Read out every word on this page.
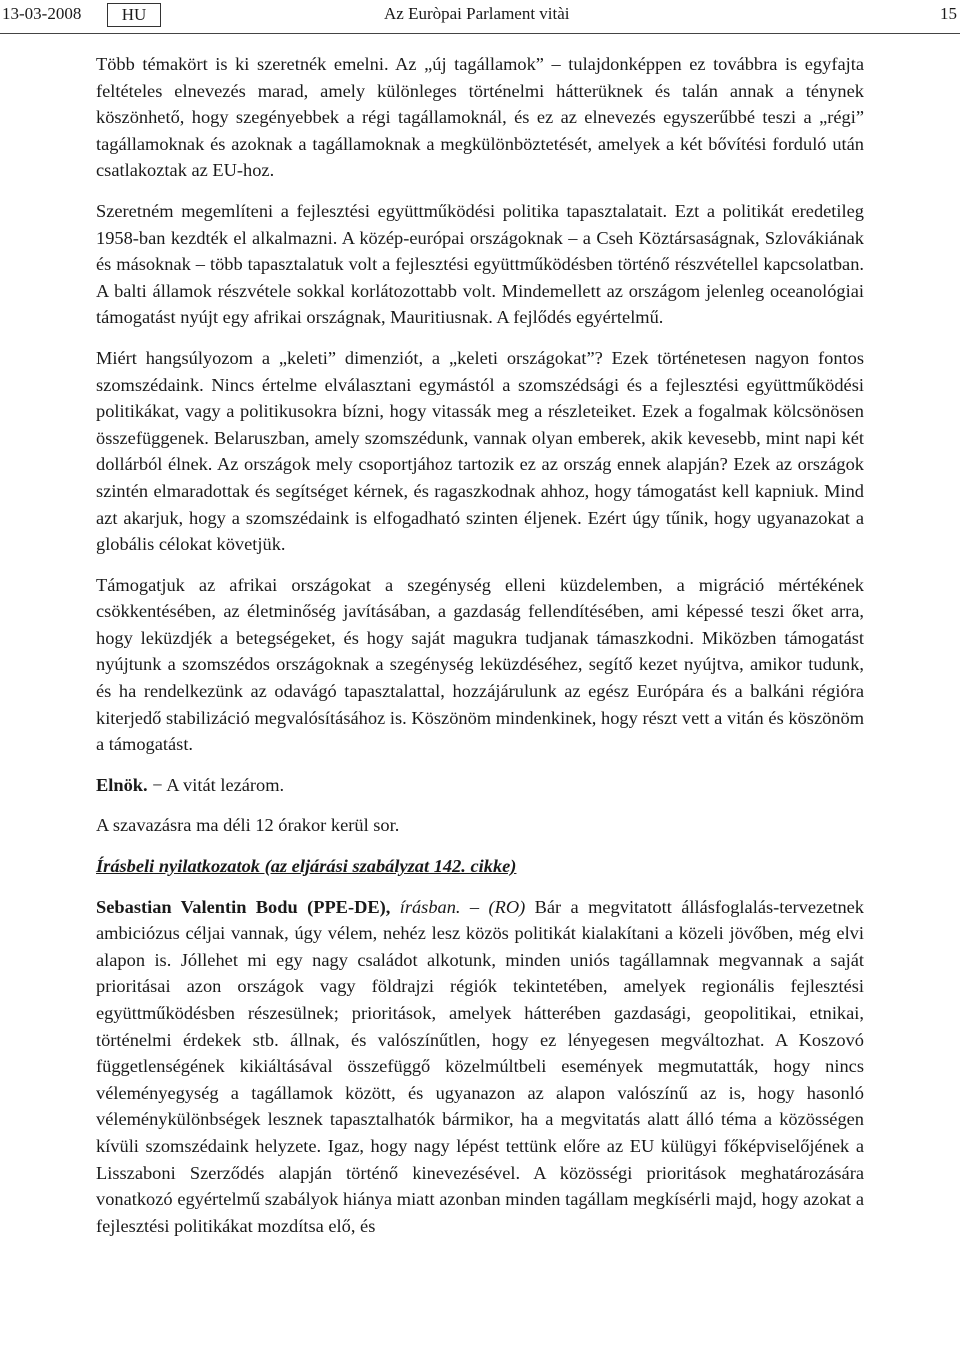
13-03-2008	HU	Az Euròpai Parlament vitài	15

Több témakört is ki szeretnék emelni. Az „új tagállamok” – tulajdonképpen ez továbbra is egyfajta feltételes elnevezés marad, amely különleges történelmi hátterüknek és talán annak a ténynek köszönhető, hogy szegényebbek a régi tagállamoknál, és ez az elnevezés egyszerűbbé teszi a „régi” tagállamoknak és azoknak a tagállamoknak a megkülönböztetését, amelyek a két bővítési forduló után csatlakoztak az EU-hoz.

Szeretném megemlíteni a fejlesztési együttműködési politika tapasztalatait. Ezt a politikát eredetileg 1958-ban kezdték el alkalmazni. A közép-európai országoknak – a Cseh Köztársaságnak, Szlovákiának és másoknak – több tapasztalatuk volt a fejlesztési együttműködésben történő részvétellel kapcsolatban. A balti államok részvétele sokkal korlátozottabb volt. Mindemellett az országom jelenleg oceanológiai támogatást nyújt egy afrikai országnak, Mauritiusnak. A fejlődés egyértelmű.

Miért hangsúlyozom a „keleti” dimenziót, a „keleti országokat”? Ezek történetesen nagyon fontos szomszédaink. Nincs értelme elválasztani egymástól a szomszédsági és a fejlesztési együttműködési politikákat, vagy a politikusokra bízni, hogy vitassák meg a részleteiket. Ezek a fogalmak kölcsönösen összefüggenek. Belaruszban, amely szomszédunk, vannak olyan emberek, akik kevesebb, mint napi két dollárból élnek. Az országok mely csoportjához tartozik ez az ország ennek alapján? Ezek az országok szintén elmaradottak és segítséget kérnek, és ragaszkodnak ahhoz, hogy támogatást kell kapniuk. Mind azt akarjuk, hogy a szomszédaink is elfogadható szinten éljenek. Ezért úgy tűnik, hogy ugyanazokat a globális célokat követjük.

Támogatjuk az afrikai országokat a szegénység elleni küzdelemben, a migráció mértékének csökkentésében, az életminőség javításában, a gazdaság fellendítésében, ami képessé teszi őket arra, hogy leküzdjék a betegségeket, és hogy saját magukra tudjanak támaszkodni. Miközben támogatást nyújtunk a szomszédos országoknak a szegénység leküzdéséhez, segítő kezet nyújtva, amikor tudunk, és ha rendelkezünk az odavágó tapasztalattal, hozzájárulunk az egész Európára és a balkáni régióra kiterjedő stabilizáció megvalósításához is. Köszönöm mindenkinek, hogy részt vett a vitán és köszönöm a támogatást.

Elnök. − A vitát lezárom.

A szavazásra ma déli 12 órakor kerül sor.

Írásbeli nyilatkozatok (az eljárási szabályzat 142. cikke)

Sebastian Valentin Bodu (PPE-DE), írásban. – (RO) Bár a megvitatott állásfoglalás-tervezetnek ambiciózus céljai vannak, úgy vélem, nehéz lesz közös politikát kialakítani a közeli jövőben, még elvi alapon is. Jóllehet mi egy nagy családot alkotunk, minden uniós tagállamnak megvannak a saját prioritásai azon országok vagy földrajzi régiók tekintetében, amelyek regionális fejlesztési együttműködésben részesülnek; prioritások, amelyek hátterében gazdasági, geopolitikai, etnikai, történelmi érdekek stb. állnak, és valószínűtlen, hogy ez lényegesen megváltozhat. A Koszovó függetlenségének kikiáltásával összefüggő közelmúltbeli események megmutatták, hogy nincs véleményegység a tagállamok között, és ugyanazon az alapon valószínű az is, hogy hasonló véleménykülönbségek lesznek tapasztalhatók bármikor, ha a megvitatás alatt álló téma a közösségen kívüli szomszédaink helyzete. Igaz, hogy nagy lépést tettünk előre az EU külügyi főképviselőjének a Lisszaboni Szerződés alapján történő kinevezésével. A közösségi prioritások meghatározására vonatkozó egyértelmű szabályok hiánya miatt azonban minden tagállam megkísérli majd, hogy azokat a fejlesztési politikákat mozdítsa elő, és
